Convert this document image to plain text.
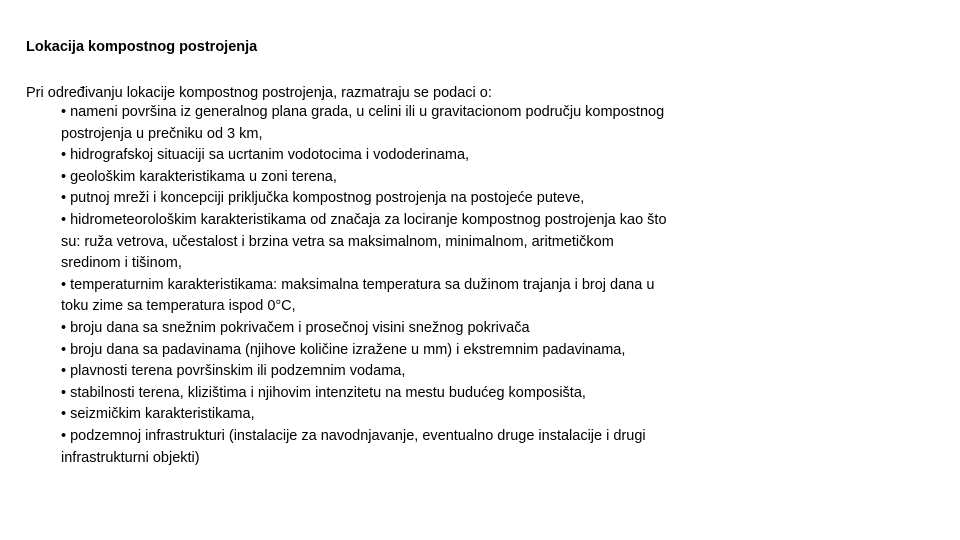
Lokacija kompostnog postrojenja
Pri određivanju lokacije kompostnog postrojenja, razmatraju se podaci o:
• nameni površina iz generalnog plana grada, u celini ili u gravitacionom području kompostnog
postrojenja u prečniku od 3 km,
• hidrografskoj situaciji sa ucrtanim vodotocima i vododerinama,
• geološkim karakteristikama u zoni terena,
• putnoj mreži i koncepciji priključka kompostnog postrojenja na postojeće puteve,
• hidrometeorološkim karakteristikama od značaja za lociranje kompostnog postrojenja kao što
su: ruža vetrova, učestalost i brzina vetra sa maksimalnom, minimalnom, aritmetičkom
sredinom i tišinom,
• temperaturnim karakteristikama: maksimalna temperatura sa dužinom trajanja i broj dana u
toku zime sa temperatura ispod 0°C,
• broju dana sa snežnim pokrivačem i prosečnoj visini snežnog pokrivača
• broju dana sa padavinama (njihove količine izražene u mm) i ekstremnim padavinama,
• plavnosti terena površinskim ili podzemnim vodama,
• stabilnosti terena, klizištima i njihovim intenzitetu na mestu budućeg komposišta,
• seizmičkim karakteristikama,
• podzemnoj infrastrukturi (instalacije za navodnjavanje, eventualno druge instalacije i drugi
infrastrukturni objekti)
